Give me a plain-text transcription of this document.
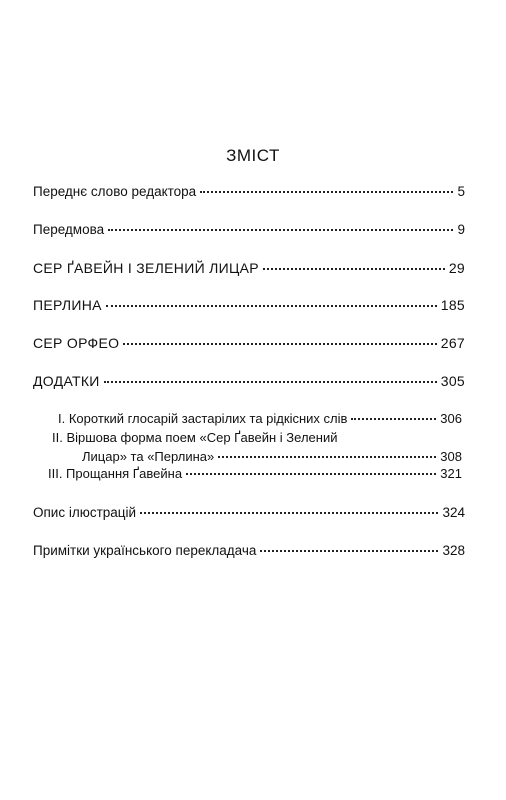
ЗМІСТ
Переднє слово редактора	5
Передмова	9
СЕР ҐАВЕЙН І ЗЕЛЕНИЙ ЛИЦАР	29
ПЕРЛИНА	185
СЕР ОРФЕО	267
ДОДАТКИ	305
I. Короткий глосарій застарілих та рідкісних слів	306
II. Віршова форма поем «Сер Ґавейн і Зелений
Лицар» та «Перлина»	308
III. Прощання Ґавейна	321
Опис ілюстрацій	324
Примітки українського перекладача	328
